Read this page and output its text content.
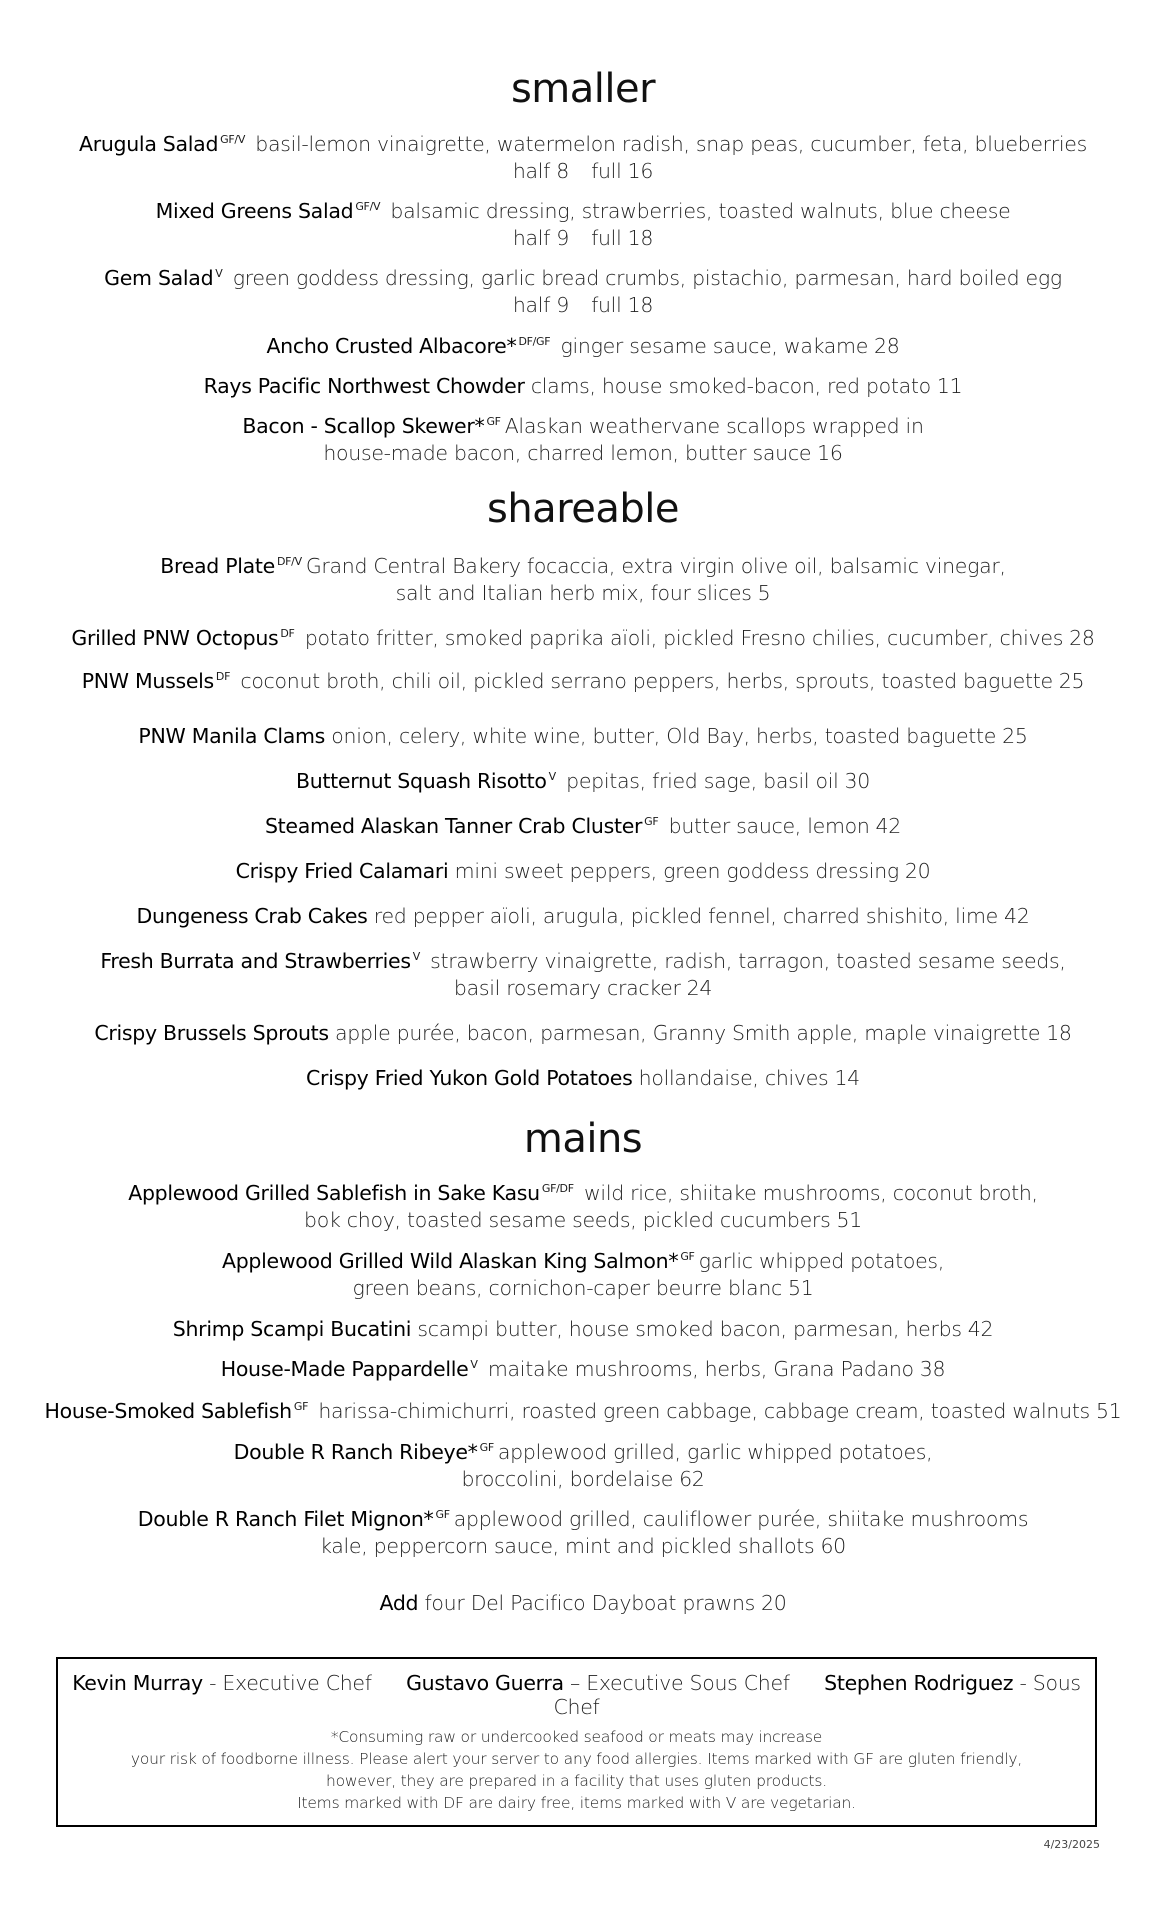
smaller
Arugula Salad $^{GF/V}$ basil-lemon vinaigrette, watermelon radish, snap peas, cucumber, feta, blueberries
half 8 full 16
Mixed Greens Salad $^{GF/V}$ balsamic dressing, strawberries, toasted walnuts, blue cheese
half 9 full 18
Gem Salad $^V$ green goddess dressing, garlic bread crumbs, pistachio, parmesan, hard boiled egg
half 9 full 18
Ancho Crusted Albacore* $^{DF/GF}$ ginger sesame sauce, wakame 28
Rays Pacific Northwest Chowder clams, house smoked-bacon, red potato 11
Bacon - Scallop Skewer* $^{GF}$ Alaskan weathervane scallops wrapped in
house-made bacon, charred lemon, butter sauce 16
shareable
Bread Plate $^{DF/V}$ Grand Central Bakery focaccia, extra virgin olive oil, balsamic vinegar,
salt and Italian herb mix, four slices 5
Grilled PNW Octopus $^{DF}$ potato fritter, smoked paprika aïoli, pickled Fresno chilies, cucumber, chives 28
PNW Mussels $^{DF}$ coconut broth, chili oil, pickled serrano peppers, herbs, sprouts, toasted baguette 25
PNW Manila Clams onion, celery, white wine, butter, Old Bay, herbs, toasted baguette 25
Butternut Squash Risotto $^V$ pepitas, fried sage, basil oil 30
Steamed Alaskan Tanner Crab Cluster $^{GF}$ butter sauce, lemon 42
Crispy Fried Calamari mini sweet peppers, green goddess dressing 20
Dungeness Crab Cakes red pepper aïoli, arugula, pickled fennel, charred shishito, lime 42
Fresh Burrata and Strawberries $^V$ strawberry vinaigrette, radish, tarragon, toasted sesame seeds,
basil rosemary cracker 24
Crispy Brussels Sprouts apple purée, bacon, parmesan, Granny Smith apple, maple vinaigrette 18
Crispy Fried Yukon Gold Potatoes hollandaise, chives 14
mains
Applewood Grilled Sablefish in Sake Kasu $^{GF/DF}$ wild rice, shiitake mushrooms, coconut broth,
bok choy, toasted sesame seeds, pickled cucumbers 51
Applewood Grilled Wild Alaskan King Salmon* $^{GF}$ garlic whipped potatoes,
green beans, cornichon-caper beurre blanc 51
Shrimp Scampi Bucatini scampi butter, house smoked bacon, parmesan, herbs 42
House-Made Pappardelle $^V$ maitake mushrooms, herbs, Grana Padano 38
House-Smoked Sablefish $^{GF}$ harissa-chimichurri, roasted green cabbage, cabbage cream, toasted walnuts 51
Double R Ranch Ribeye* $^{GF}$ applewood grilled, garlic whipped potatoes,
broccolini, bordelaise 62
Double R Ranch Filet Mignon* $^{GF}$ applewood grilled, cauliflower purée, shiitake mushrooms
kale, peppercorn sauce, mint and pickled shallots 60
Add four Del Pacifico Dayboat prawns 20
Kevin Murray - Executive Chef Gustavo Guerra – Executive Sous Chef Stephen Rodriguez - Sous Chef
*Consuming raw or undercooked seafood or meats may increase
your risk of foodborne illness. Please alert your server to any food allergies. Items marked with GF are gluten friendly,
however, they are prepared in a facility that uses gluten products.
Items marked with DF are dairy free, items marked with V are vegetarian.
4/23/2025
